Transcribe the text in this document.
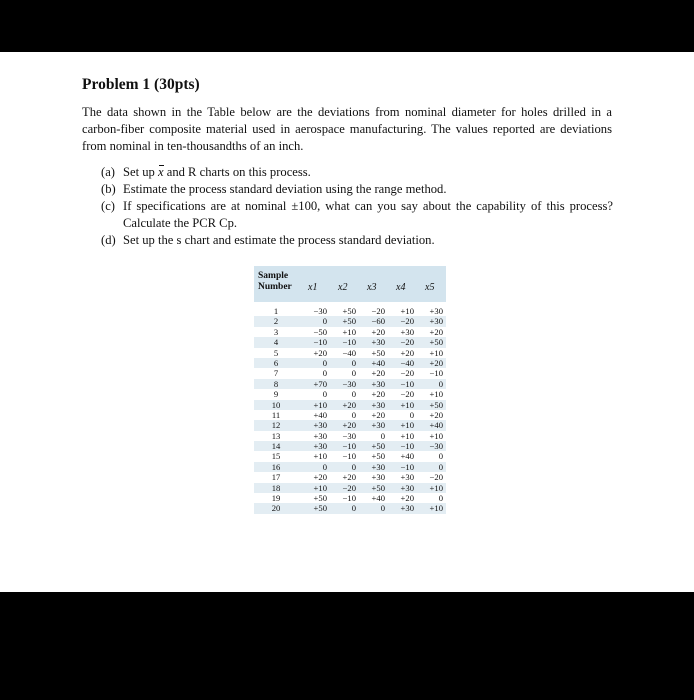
Problem 1 (30pts)
The data shown in the Table below are the deviations from nominal diameter for holes drilled in a carbon-fiber composite material used in aerospace manufacturing. The values reported are deviations from nominal in ten-thousandths of an inch.
(a) Set up x and R charts on this process.
(b) Estimate the process standard deviation using the range method.
(c) If specifications are at nominal ±100, what can you say about the capability of this process? Calculate the PCR Cp.
(d) Set up the s chart and estimate the process standard deviation.
Sample
Number x1 x2 x3 x4 x5
1	−30	+50	−20	+10	+30
2	0	+50	−60	−20	+30
3	−50	+10	+20	+30	+20
4	−10	−10	+30	−20	+50
5	+20	−40	+50	+20	+10
6	0	0	+40	−40	+20
7	0	0	+20	−20	−10
8	+70	−30	+30	−10	0
9	0	0	+20	−20	+10
10	+10	+20	+30	+10	+50
11	+40	0	+20	0	+20
12	+30	+20	+30	+10	+40
13	+30	−30	0	+10	+10
14	+30	−10	+50	−10	−30
15	+10	−10	+50	+40	0
16	0	0	+30	−10	0
17	+20	+20	+30	+30	−20
18	+10	−20	+50	+30	+10
19	+50	−10	+40	+20	0
20	+50	0	0	+30	+10
